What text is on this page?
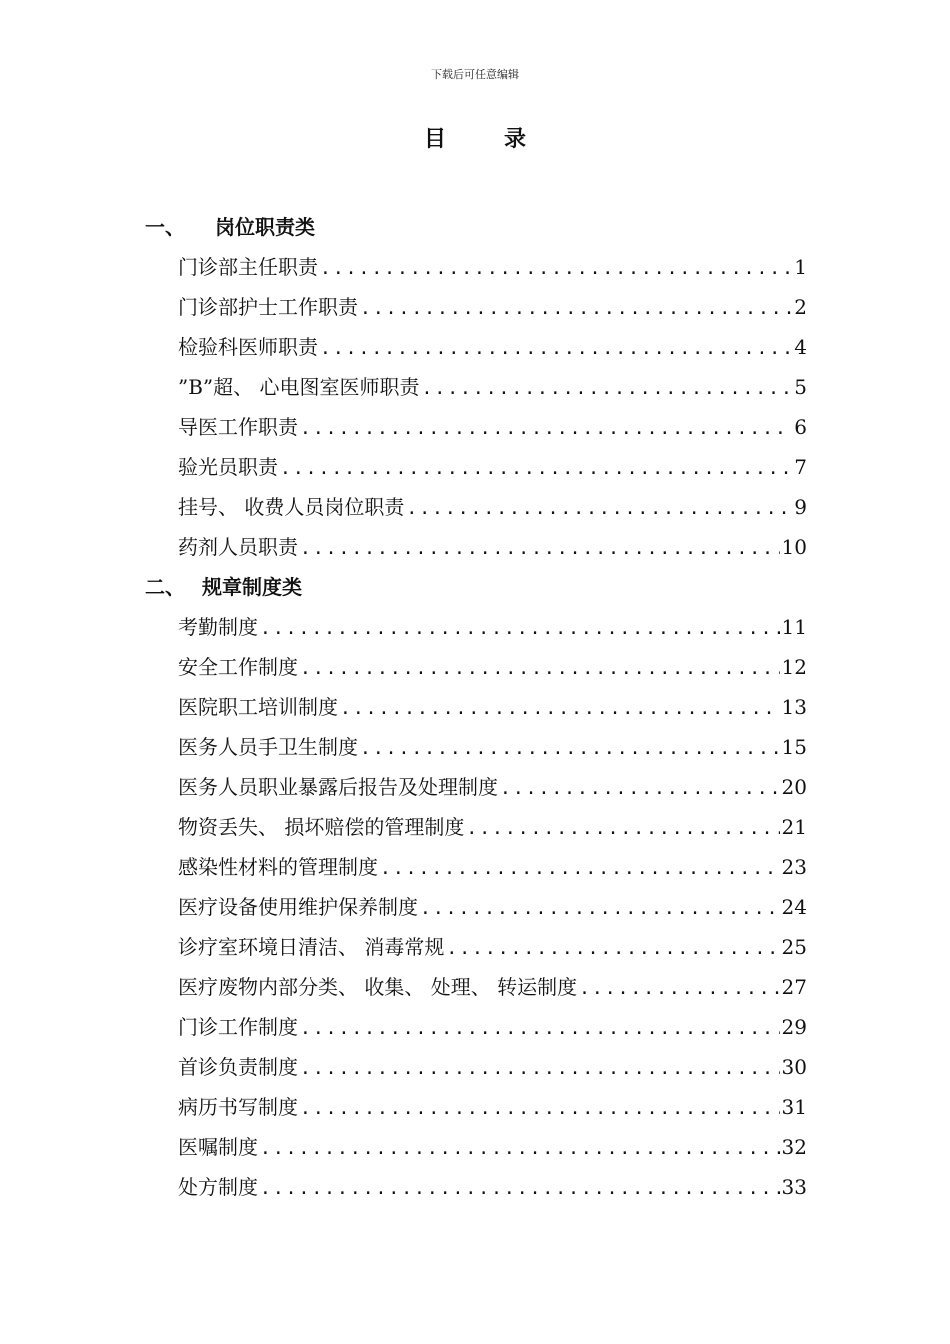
下载后可任意编辑
目录
一、 岗位职责类
门诊部主任职责 .....	1
门诊部护士工作职责 .....	2
检验科医师职责 .....	4
”B”超、 心电图室医师职责 .....	5
导医工作职责 .....	6
验光员职责 .....	7
挂号、 收费人员岗位职责 .....	9
药剂人员职责 .....	10
二、 规章制度类
考勤制度 .....	11
安全工作制度 .....	12
医院职工培训制度 .....	13
医务人员手卫生制度 .....	15
医务人员职业暴露后报告及处理制度 .....	20
物资丢失、 损坏赔偿的管理制度 .....	21
感染性材料的管理制度 .....	23
医疗设备使用维护保养制度 .....	24
诊疗室环境日清洁、 消毒常规 .....	25
医疗废物内部分类、 收集、 处理、 转运制度 .....	27
门诊工作制度 .....	29
首诊负责制度 .....	30
病历书写制度 .....	31
医嘱制度 .....	32
处方制度 .....	33
